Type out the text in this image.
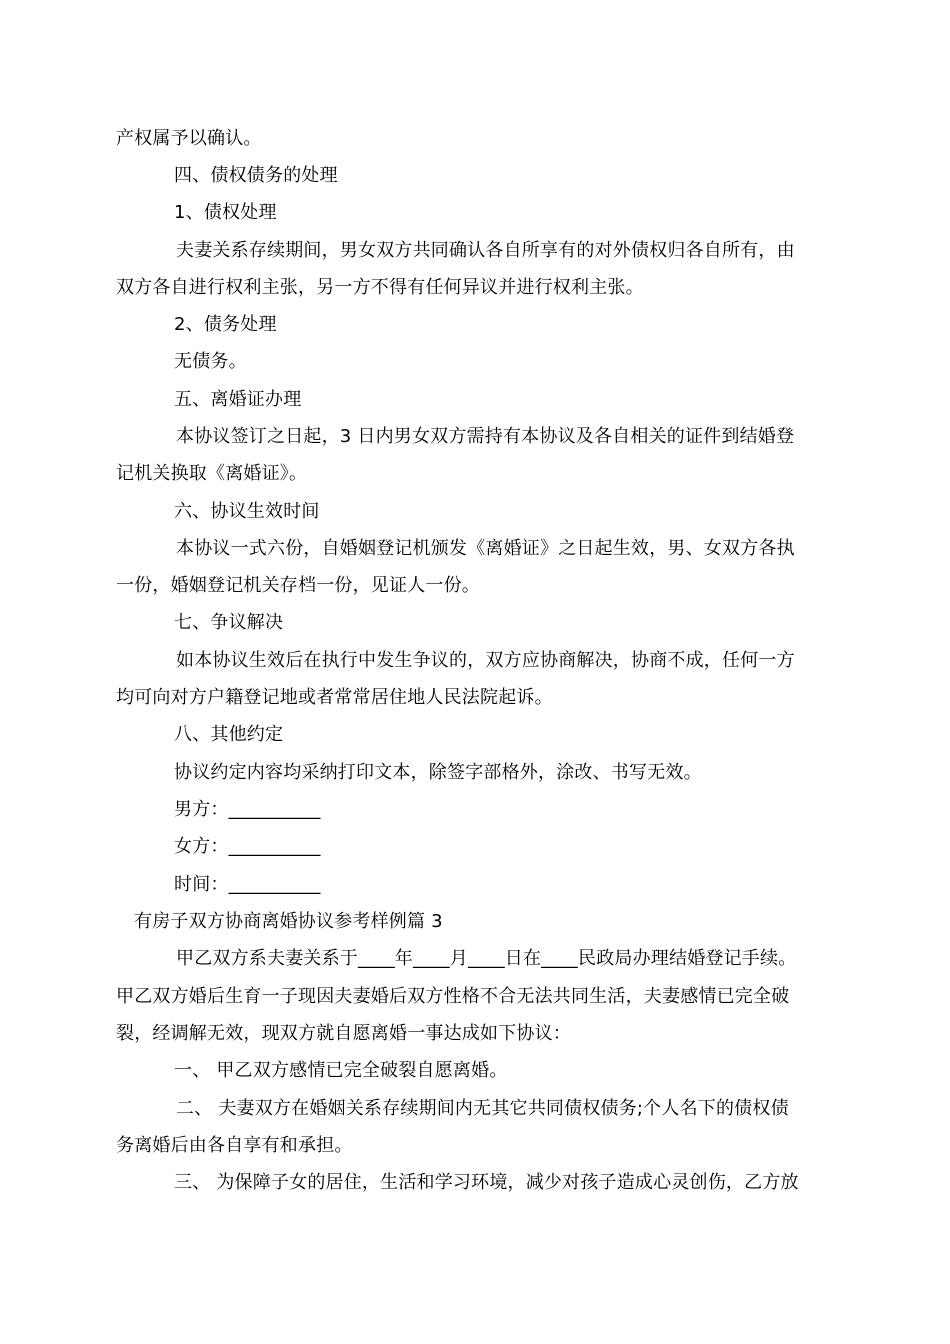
产权属予以确认。
四、债权债务的处理
1、债权处理
夫妻关系存续期间，男女双方共同确认各自所享有的对外债权归各自所有，由
双方各自进行权利主张，另一方不得有任何异议并进行权利主张。
2、债务处理
无债务。
五、离婚证办理
本协议签订之日起，3 日内男女双方需持有本协议及各自相关的证件到结婚登
记机关换取《离婚证》。
六、协议生效时间
本协议一式六份，自婚姻登记机颁发《离婚证》之日起生效，男、女双方各执
一份，婚姻登记机关存档一份，见证人一份。
七、争议解决
如本协议生效后在执行中发生争议的，双方应协商解决，协商不成，任何一方
均可向对方户籍登记地或者常常居住地人民法院起诉。
八、其他约定
协议约定内容均采纳打印文本，除签字部格外，涂改、书写无效。
男方：__________
女方：__________
时间：__________
有房子双方协商离婚协议参考样例篇 3
甲乙双方系夫妻关系于____年____月____日在____民政局办理结婚登记手续。
甲乙双方婚后生育一子现因夫妻婚后双方性格不合无法共同生活，夫妻感情已完全破
裂，经调解无效，现双方就自愿离婚一事达成如下协议：
一、 甲乙双方感情已完全破裂自愿离婚。
二、 夫妻双方在婚姻关系存续期间内无其它共同债权债务;个人名下的债权债
务离婚后由各自享有和承担。
三、 为保障子女的居住，生活和学习环境，减少对孩子造成心灵创伤，乙方放
